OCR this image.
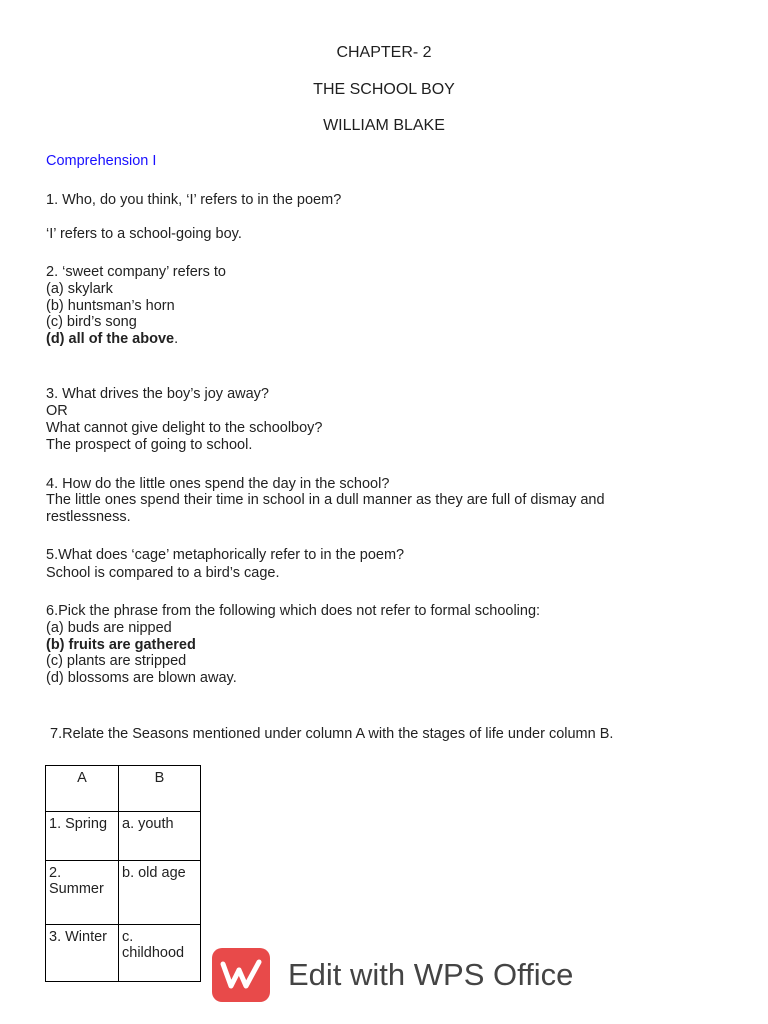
CHAPTER- 2
THE SCHOOL BOY
WILLIAM BLAKE
Comprehension I
1. Who, do you think, ‘I’ refers to in the poem?
‘I’ refers to a school-going boy.
2. ‘sweet company’ refers to
(a) skylark
(b) huntsman’s horn
(c) bird’s song
(d) all of the above.
3. What drives the boy’s joy away?
OR
What cannot give delight to the schoolboy?
The prospect of going to school.
4. How do the little ones spend the day in the school?
The little ones spend their time in school in a dull manner as they are full of dismay and
restlessness.
5.What does ‘cage’ metaphorically refer to in the poem?
School is compared to a bird’s cage.
6.Pick the phrase from the following which does not refer to formal schooling:
(a) buds are nipped
(b) fruits are gathered
(c) plants are stripped
(d) blossoms are blown away.
7.Relate the Seasons mentioned under column A with the stages of life under column B.
A	B
1. Spring	a. youth
2. Summer	b. old age
3. Winter	c. childhood
Edit with WPS Office
